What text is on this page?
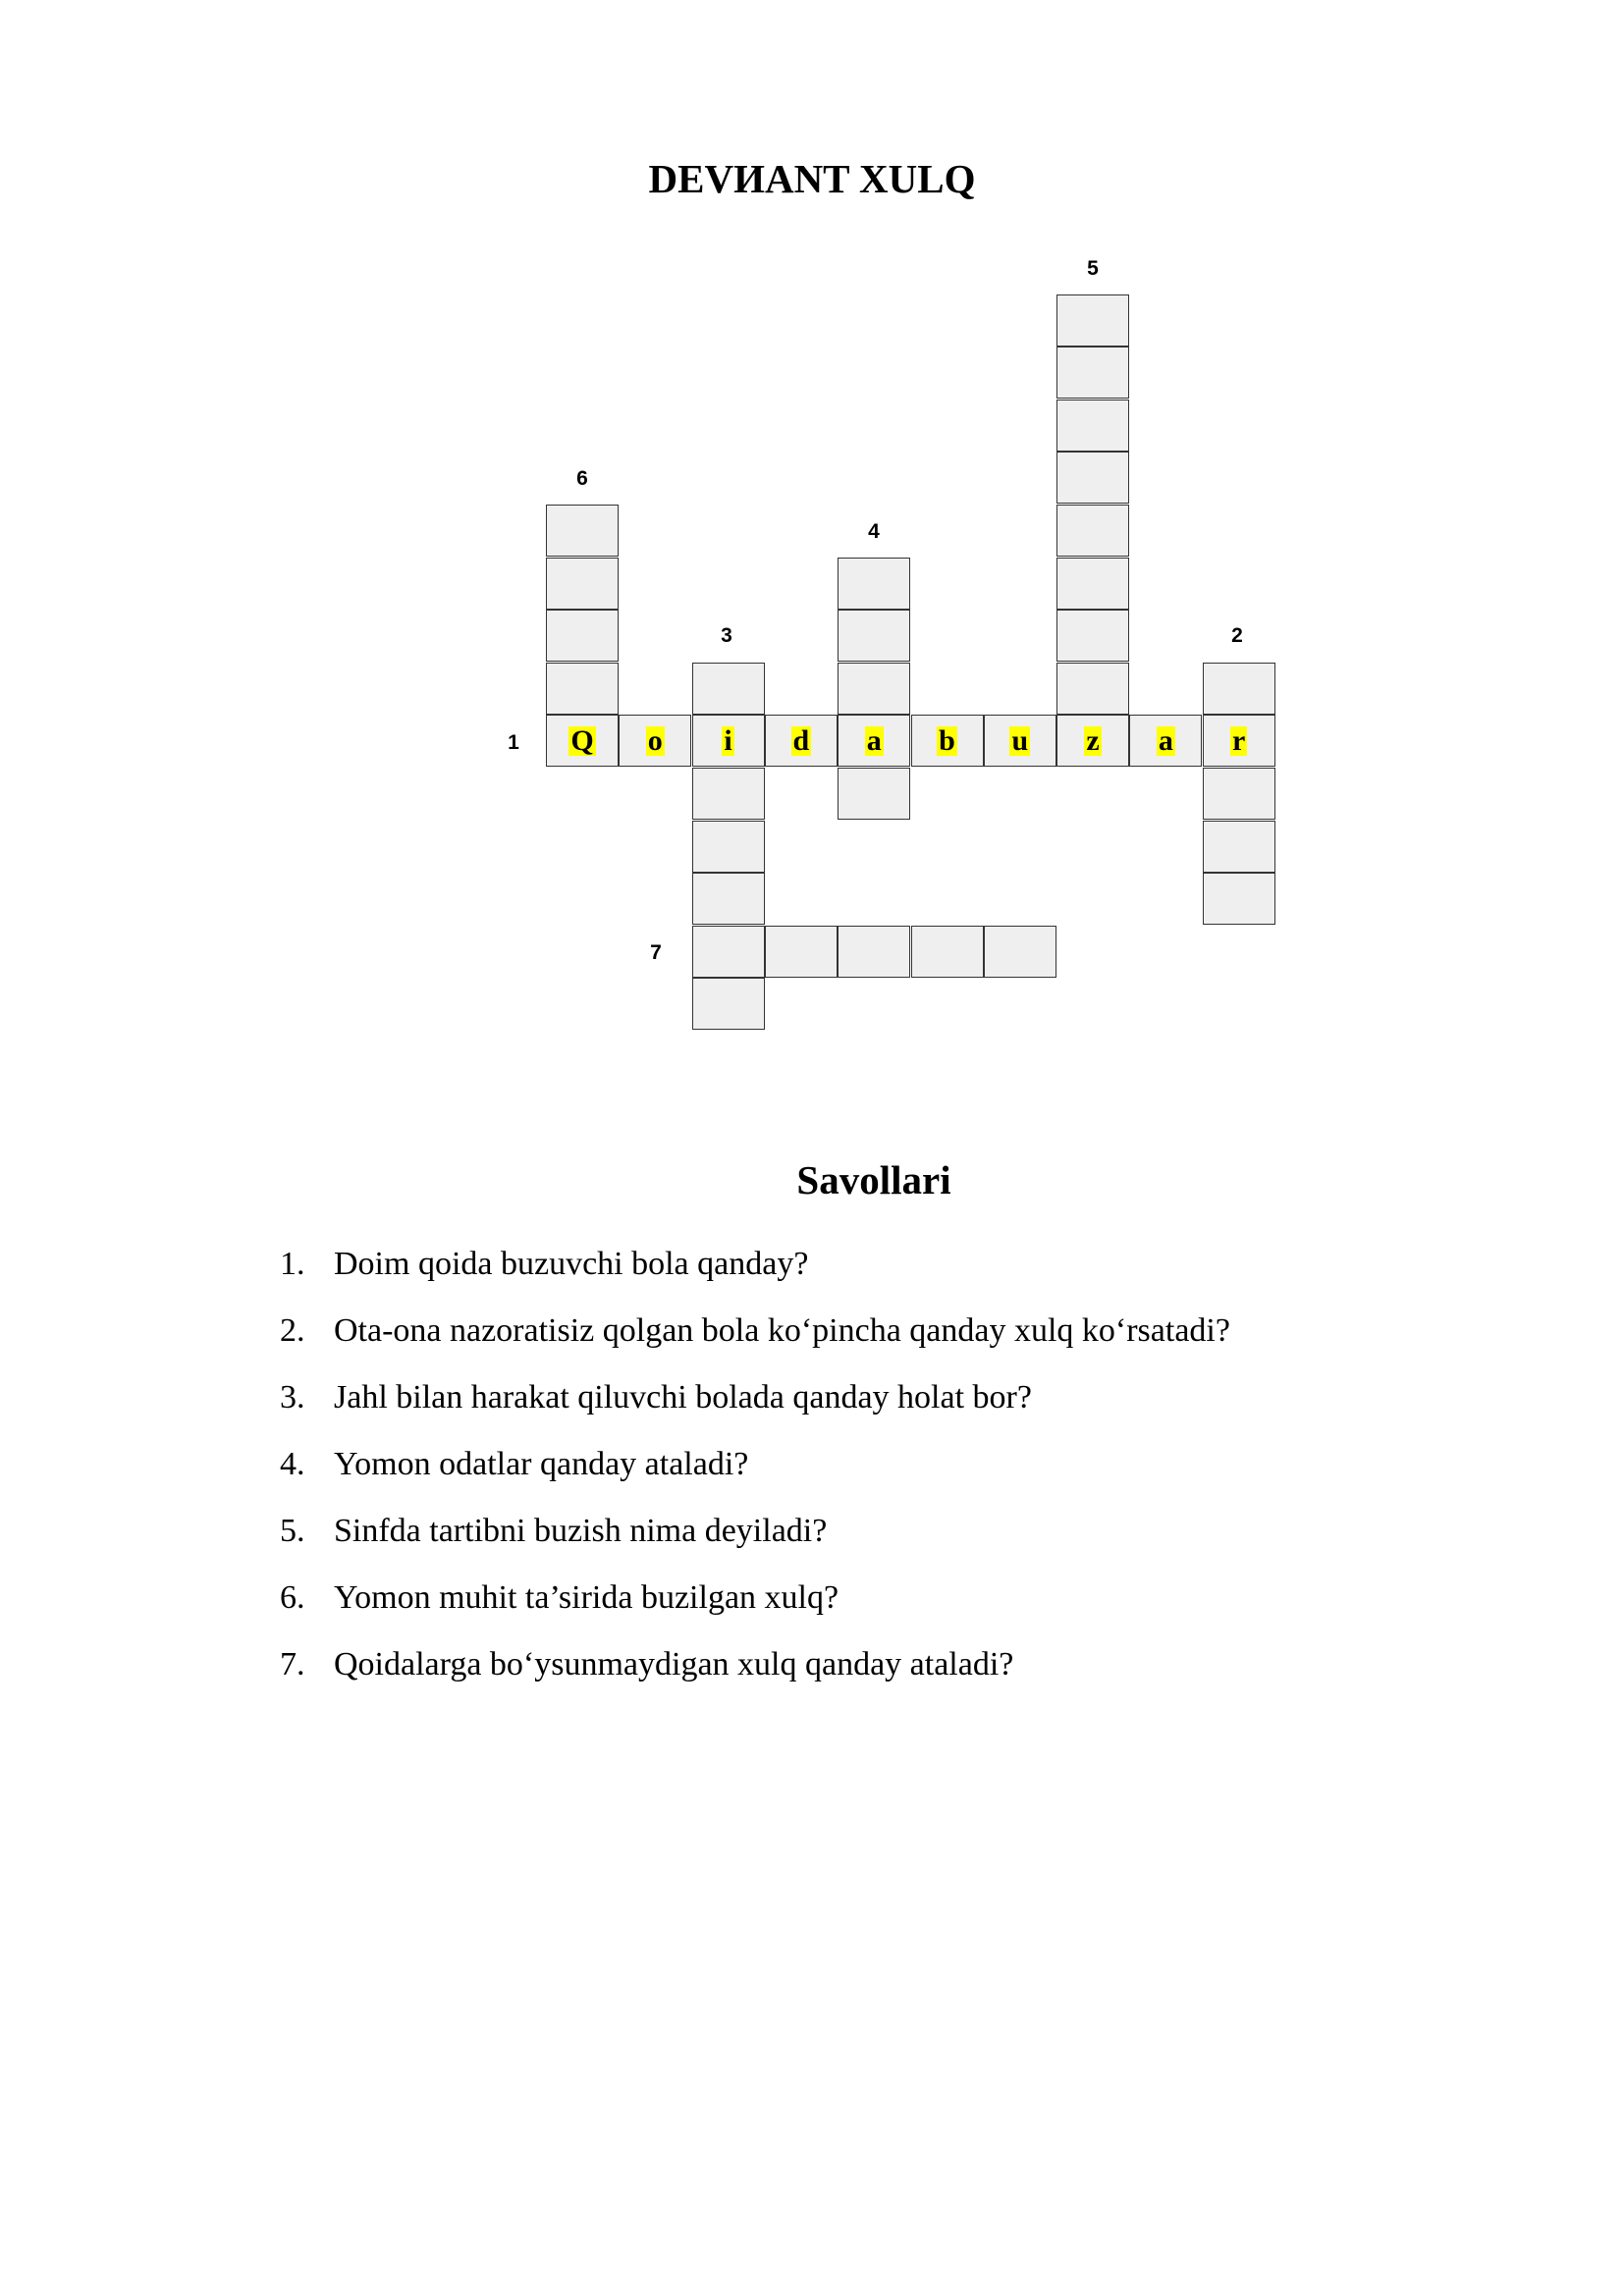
DEVИANT XULQ
Q o i d a b u z a r
1
2
3
4
5
6
7
Savollari
1. Doim qoida buzuvchi bola qanday?
2. Ota-ona nazoratisiz qolgan bola ko‘pincha qanday xulq ko‘rsatadi?
3. Jahl bilan harakat qiluvchi bolada qanday holat bor?
4. Yomon odatlar qanday ataladi?
5. Sinfda tartibni buzish nima deyiladi?
6. Yomon muhit ta’sirida buzilgan xulq?
7. Qoidalarga bo‘ysunmaydigan xulq qanday ataladi?
